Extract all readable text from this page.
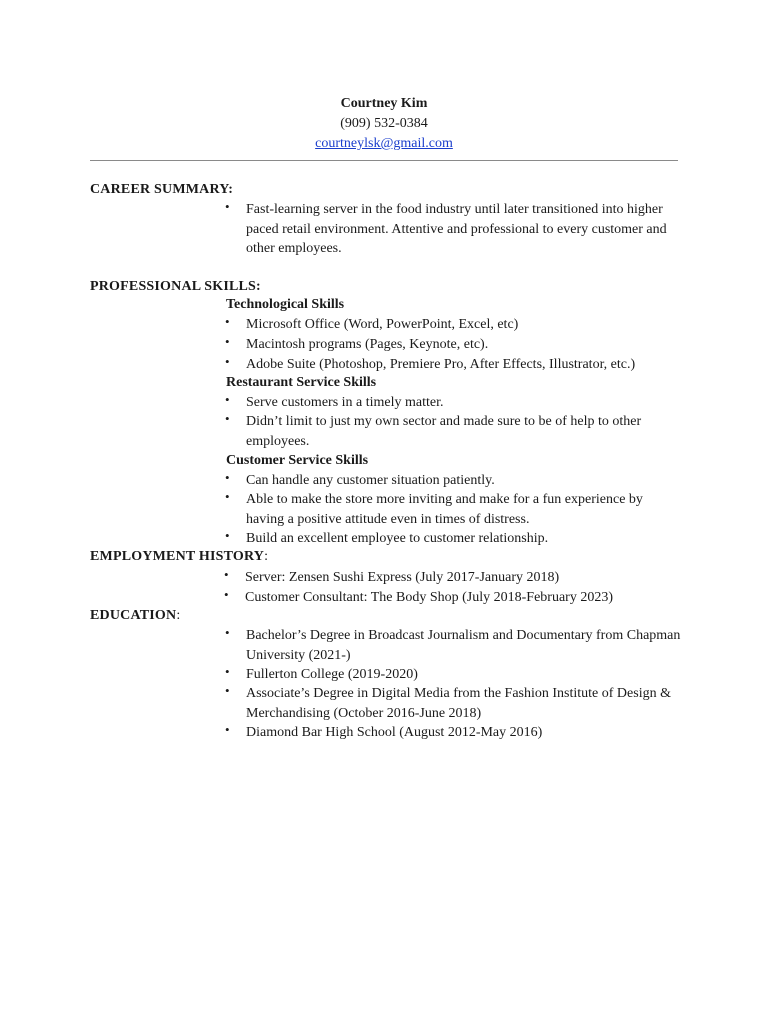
Courtney Kim
(909) 532-0384
courtneylsk@gmail.com
CAREER SUMMARY:
• Fast-learning server in the food industry until later transitioned into higher paced retail environment. Attentive and professional to every customer and other employees.
PROFESSIONAL SKILLS:
Technological Skills
• Microsoft Office (Word, PowerPoint, Excel, etc)
• Macintosh programs (Pages, Keynote, etc).
• Adobe Suite (Photoshop, Premiere Pro, After Effects, Illustrator, etc.)
Restaurant Service Skills
• Serve customers in a timely matter.
• Didn’t limit to just my own sector and made sure to be of help to other employees.
Customer Service Skills
• Can handle any customer situation patiently.
• Able to make the store more inviting and make for a fun experience by having a positive attitude even in times of distress.
• Build an excellent employee to customer relationship.
EMPLOYMENT HISTORY:
• Server: Zensen Sushi Express (July 2017-January 2018)
• Customer Consultant: The Body Shop (July 2018-February 2023)
EDUCATION:
• Bachelor’s Degree in Broadcast Journalism and Documentary from Chapman University (2021-)
• Fullerton College (2019-2020)
• Associate’s Degree in Digital Media from the Fashion Institute of Design & Merchandising (October 2016-June 2018)
• Diamond Bar High School (August 2012-May 2016)
